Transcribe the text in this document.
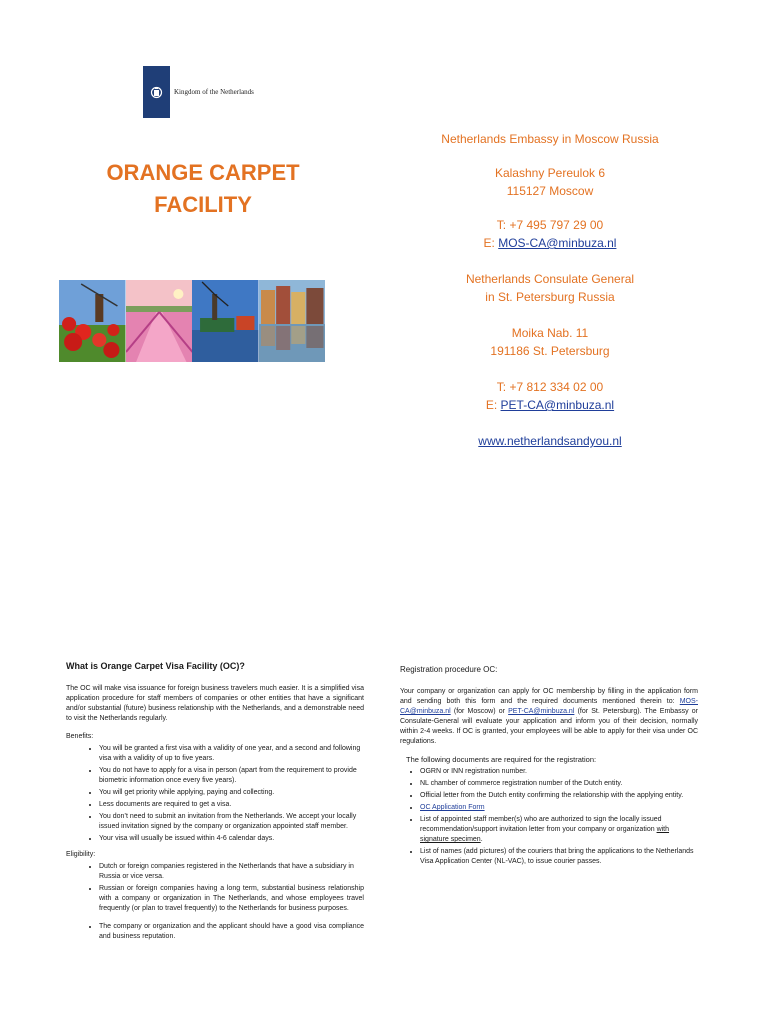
Kingdom of the Netherlands
ORANGE CARPET
FACILITY

Netherlands Embassy in Moscow Russia

Kalashny Pereulok 6

115127 Moscow

T: +7 495 797 29 00

E: MOS-CA@minbuza.nl

Netherlands Consulate General

in St. Petersburg Russia

Moika Nab. 11

191186 St. Petersburg

T: +7 812 334 02 00

E: PET-CA@minbuza.nl

www.netherlandsandyou.nl

What is Orange Carpet Visa Facility (OC)?

The OC will make visa issuance for foreign business travelers much easier. It is a simplified visa application procedure for staff members of companies or other entities that have a significant and/or substantial (future) business relationship with the Netherlands, and a demonstrable need to visit the Netherlands regularly.

Benefits:

• You will be granted a first visa with a validity of one year, and a second and following visa with a validity of up to five years.
• You do not have to apply for a visa in person (apart from the requirement to provide biometric information once every five years).
• You will get priority while applying, paying and collecting.
• Less documents are required to get a visa.
• You don’t need to submit an invitation from the Netherlands. We accept your locally issued invitation signed by the company or organization appointed staff member.
• Your visa will usually be issued within 4-6 calendar days.

Eligibility:

• Dutch or foreign companies registered in the Netherlands that have a subsidiary in Russia or vice versa.
• Russian or foreign companies having a long term, substantial business relationship with a company or organization in The Netherlands, and whose employees travel frequently (or plan to travel frequently) to the Netherlands for business purposes.
• The company or organization and the applicant should have a good visa compliance and business reputation.
Registration procedure OC:

Your company or organization can apply for OC membership by filling in the application form and sending both this form and the required documents mentioned therein to: MOS-CA@minbuza.nl (for Moscow) or PET-CA@minbuza.nl (for St. Petersburg). The Embassy or Consulate-General will evaluate your application and inform you of their decision, normally within 2-4 weeks. If OC is granted, your employees will be able to apply for their visa under OC regulations.

The following documents are required for the registration:

• OGRN or INN registration number.
• NL chamber of commerce registration number of the Dutch entity.
• Official letter from the Dutch entity confirming the relationship with the applying entity.
• OC Application Form
• List of appointed staff member(s) who are authorized to sign the locally issued recommendation/support invitation letter from your company or organization with signature specimen.
• List of names (add pictures) of the couriers that bring the applications to the Netherlands Visa Application Center (NL-VAC), to issue courier passes.
